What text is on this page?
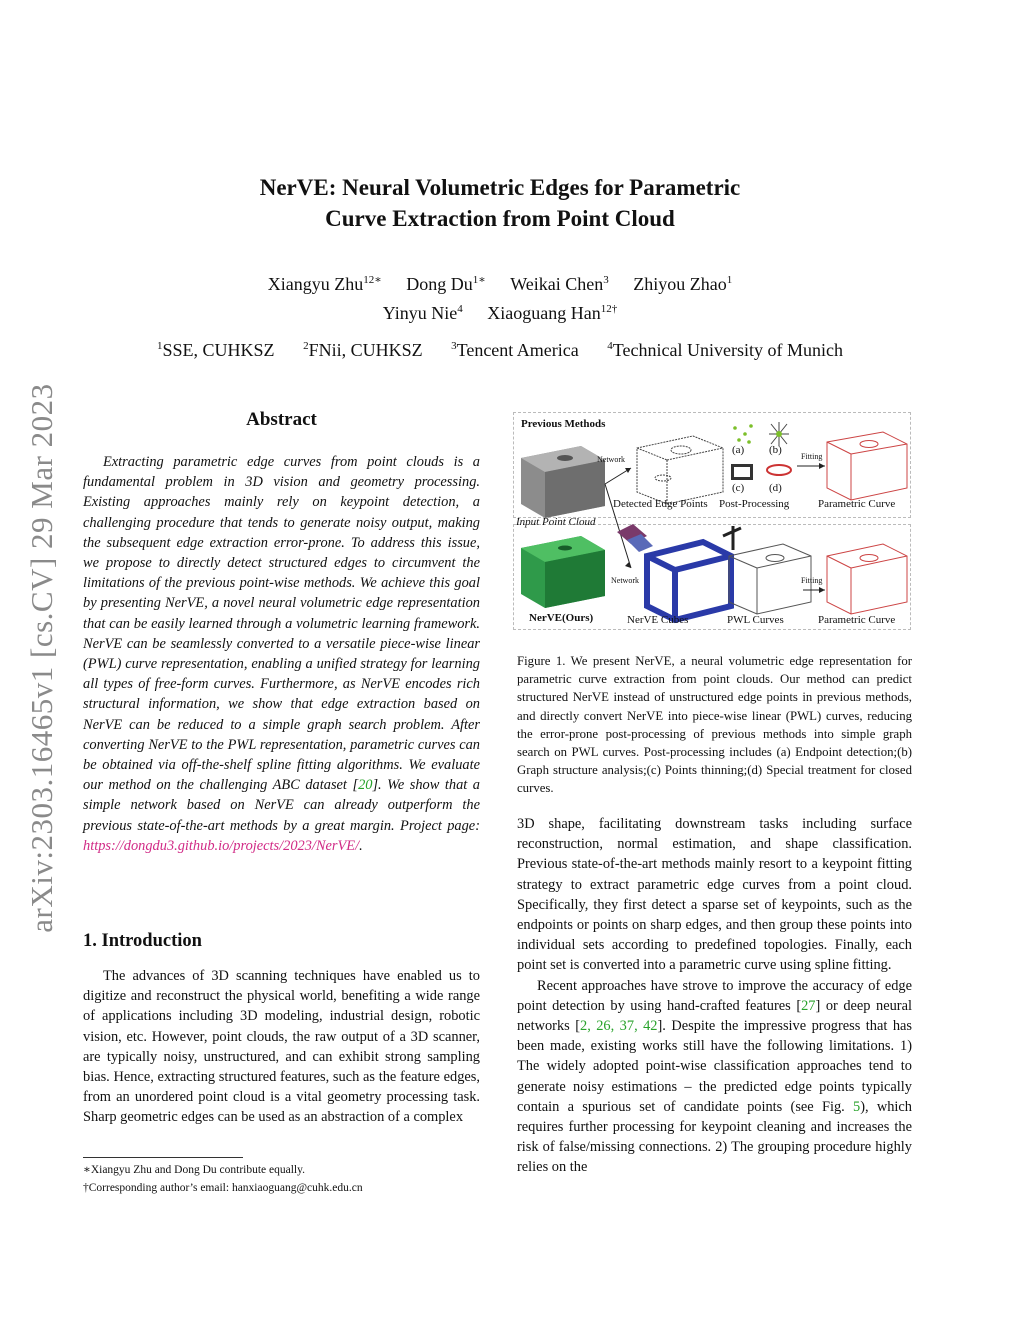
arXiv:2303.16465v1 [cs.CV] 29 Mar 2023
NerVE: Neural Volumetric Edges for Parametric
Curve Extraction from Point Cloud
Xiangyu Zhu$^{12∗}$ Dong $Du^{1∗}$ Weikai Chen$^3$ Zhiyou Zhao$^1$
Yinyu Nie$^4$ Xiaoguang Han$^{12\dagger}$
$^1$SSE, CUHKSZ	$^2$FNii, CUHKSZ	$^3$Tencent America	$^4$Technical University of Munich
Abstract
Extracting parametric edge curves from point clouds is a fundamental problem in 3D vision and geometry processing. Existing approaches mainly rely on keypoint detection, a challenging procedure that tends to generate noisy output, making the subsequent edge extraction error-prone. To address this issue, we propose to directly detect structured edges to circumvent the limitations of the previous point-wise methods. We achieve this goal by presenting NerVE, a novel neural volumetric edge representation that can be easily learned through a volumetric learning framework. NerVE can be seamlessly converted to a versatile piece-wise linear (PWL) curve representation, enabling a unified strategy for learning all types of free-form curves. Furthermore, as NerVE encodes rich structural information, we show that edge extraction based on NerVE can be reduced to a simple graph search problem. After converting NerVE to the PWL representation, parametric curves can be obtained via off-the-shelf spline fitting algorithms. We evaluate our method on the challenging ABC dataset [20]. We show that a simple network based on NerVE can already outperform the previous state-of-the-art methods by a great margin. Project page: https://dongdu3.github.io/projects/2023/NerVE/.
1. Introduction
The advances of 3D scanning techniques have enabled us to digitize and reconstruct the physical world, benefiting a wide range of applications including 3D modeling, industrial design, robotic vision, etc. However, point clouds, the raw output of a 3D scanner, are typically noisy, unstructured, and can exhibit strong sampling bias. Hence, extracting structured features, such as the feature edges, from an unordered point cloud is a vital geometry processing task. Sharp geometric edges can be used as an abstraction of a complex
∗Xiangyu Zhu and Dong Du contribute equally.
†Corresponding author’s email: hanxiaoguang@cuhk.edu.cn
Previous Methods
Network
Network
(a) (b)
(c) (d)
Fitting
Fitting
Detected Edge Points Post-Processing	Parametric Curve
Input Point Cloud
NerVE(Ours)	NerVE Cubes	PWL Curves	Parametric Curve
Figure 1. We present NerVE, a neural volumetric edge representation for parametric curve extraction from point clouds. Our method can predict structured NerVE instead of unstructured edge points in previous methods, and directly convert NerVE into piece-wise linear (PWL) curves, reducing the error-prone post-processing of previous methods into simple graph search on PWL curves. Post-processing includes (a) Endpoint detection;(b) Graph structure analysis;(c) Points thinning;(d) Special treatment for closed curves.

3D shape, facilitating downstream tasks including surface reconstruction, normal estimation, and shape classification. Previous state-of-the-art methods mainly resort to a keypoint fitting strategy to extract parametric edge curves from a point cloud. Specifically, they first detect a sparse set of keypoints, such as the endpoints or points on sharp edges, and then group these points into individual sets according to predefined topologies. Finally, each point set is converted into a parametric curve using spline fitting.

Recent approaches have strove to improve the accuracy of edge point detection by using hand-crafted features [27] or deep neural networks [2, 26, 37, 42]. Despite the impressive progress that has been made, existing works still have the following limitations. 1) The widely adopted point-wise classification approaches tend to generate noisy estimations – the predicted edge points typically contain a spurious set of candidate points (see Fig. 5), which requires further processing for keypoint cleaning and increases the risk of false/missing connections. 2) The grouping procedure highly relies on the
